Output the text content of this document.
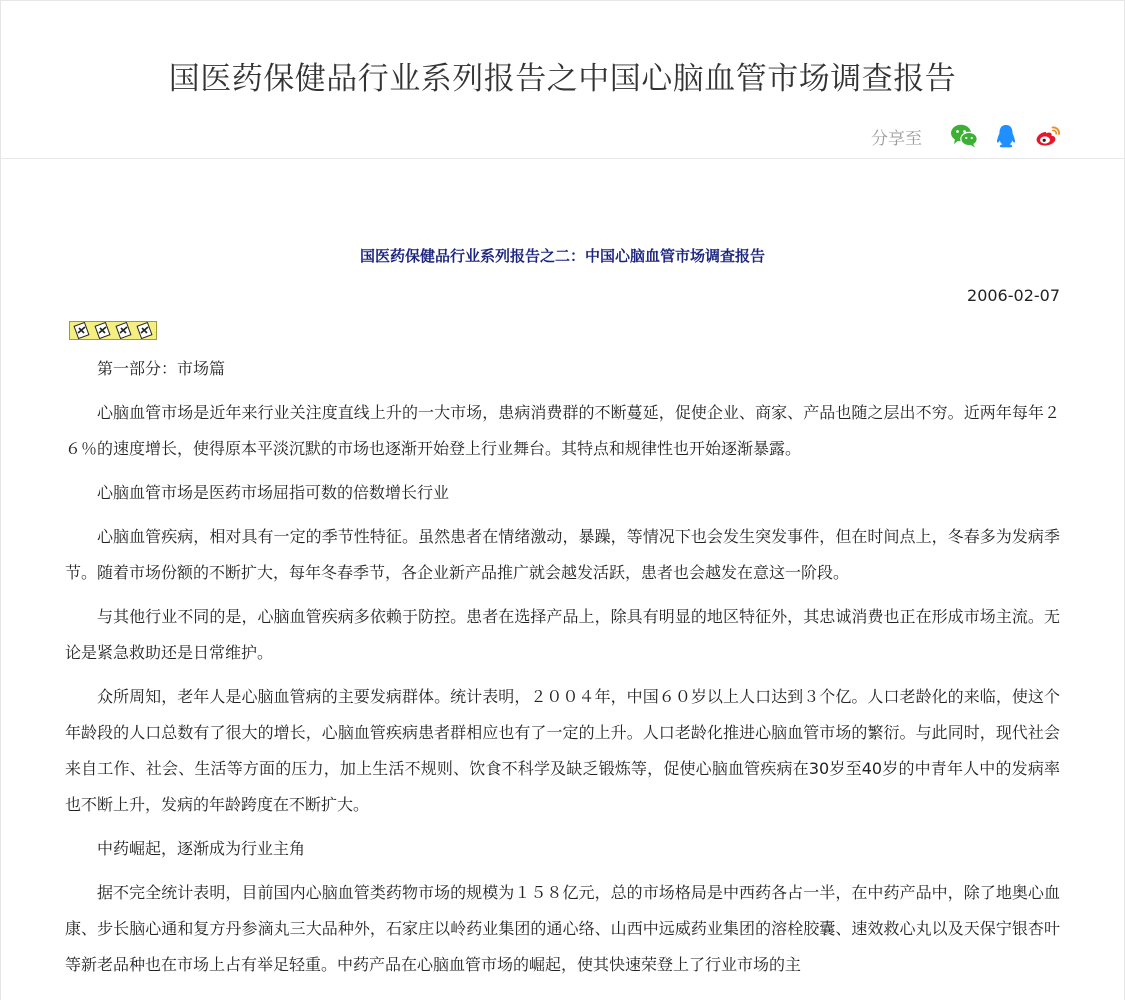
国医药保健品行业系列报告之中国心脑血管市场调查报告
分享至
国医药保健品行业系列报告之二：中国心脑血管市场调查报告
2006-02-07

第一部分：市场篇

心脑血管市场是近年来行业关注度直线上升的一大市场，患病消费群的不断蔓延，促使企业、商家、产品也随之层出不穷。近两年每年２６％的速度增长，使得原本平淡沉默的市场也逐渐开始登上行业舞台。其特点和规律性也开始逐渐暴露。

心脑血管市场是医药市场屈指可数的倍数增长行业

心脑血管疾病，相对具有一定的季节性特征。虽然患者在情绪激动，暴躁，等情况下也会发生突发事件，但在时间点上，冬春多为发病季节。随着市场份额的不断扩大，每年冬春季节，各企业新产品推广就会越发活跃，患者也会越发在意这一阶段。

与其他行业不同的是，心脑血管疾病多依赖于防控。患者在选择产品上，除具有明显的地区特征外，其忠诚消费也正在形成市场主流。无论是紧急救助还是日常维护。

众所周知，老年人是心脑血管病的主要发病群体。统计表明，２００４年，中国６０岁以上人口达到３个亿。人口老龄化的来临，使这个年龄段的人口总数有了很大的增长，心脑血管疾病患者群相应也有了一定的上升。人口老龄化推进心脑血管市场的繁衍。与此同时，现代社会来自工作、社会、生活等方面的压力，加上生活不规则、饮食不科学及缺乏锻炼等，促使心脑血管疾病在30岁至40岁的中青年人中的发病率也不断上升，发病的年龄跨度在不断扩大。

中药崛起，逐渐成为行业主角

据不完全统计表明，目前国内心脑血管类药物市场的规模为１５８亿元，总的市场格局是中西药各占一半，在中药产品中，除了地奥心血康、步长脑心通和复方丹参滴丸三大品种外，石家庄以岭药业集团的通心络、山西中远威药业集团的溶栓胶囊、速效救心丸以及天保宁银杏叶等新老品种也在市场上占有举足轻重。中药产品在心脑血管市场的崛起，使其快速荣登上了行业市场的主
